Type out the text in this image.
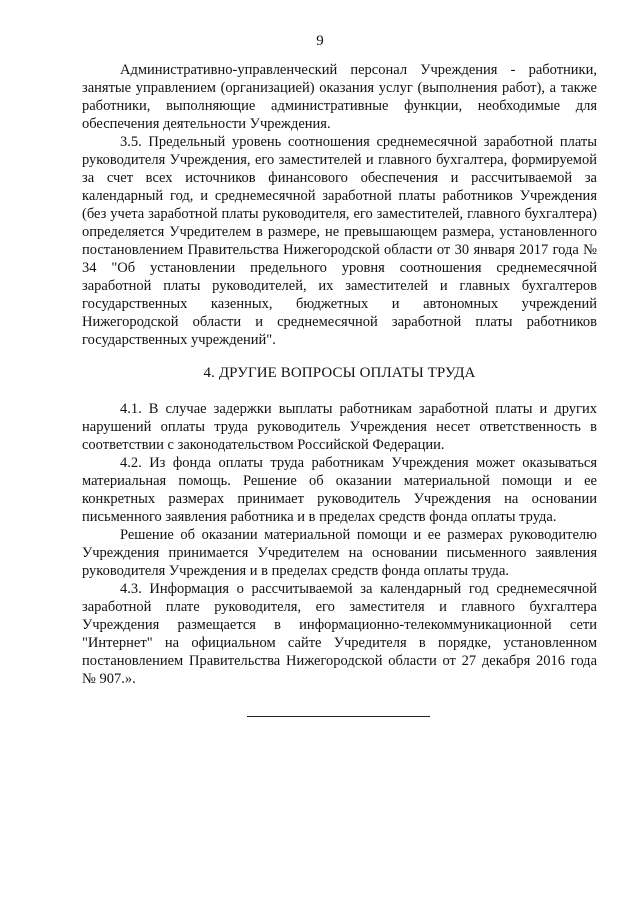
9

Административно-управленческий персонал Учреждения - работники, занятые управлением (организацией) оказания услуг (выполнения работ), а также работники, выполняющие административные функции, необходимые для обеспечения деятельности Учреждения.

3.5. Предельный уровень соотношения среднемесячной заработной платы руководителя Учреждения, его заместителей и главного бухгалтера, формируемой за счет всех источников финансового обеспечения и рассчитываемой за календарный год, и среднемесячной заработной платы работников Учреждения (без учета заработной платы руководителя, его заместителей, главного бухгалтера) определяется Учредителем в размере, не превышающем размера, установленного постановлением Правительства Нижегородской области от 30 января 2017 года № 34 "Об установлении предельного уровня соотношения среднемесячной заработной платы руководителей, их заместителей и главных бухгалтеров государственных казенных, бюджетных и автономных учреждений Нижегородской области и среднемесячной заработной платы работников государственных учреждений".

4. ДРУГИЕ ВОПРОСЫ ОПЛАТЫ ТРУДА

4.1. В случае задержки выплаты работникам заработной платы и других нарушений оплаты труда руководитель Учреждения несет ответственность в соответствии с законодательством Российской Федерации.

4.2. Из фонда оплаты труда работникам Учреждения может оказываться материальная помощь. Решение об оказании материальной помощи и ее конкретных размерах принимает руководитель Учреждения на основании письменного заявления работника и в пределах средств фонда оплаты труда.

Решение об оказании материальной помощи и ее размерах руководителю Учреждения принимается Учредителем на основании письменного заявления руководителя Учреждения и в пределах средств фонда оплаты труда.

4.3. Информация о рассчитываемой за календарный год среднемесячной заработной плате руководителя, его заместителя и главного бухгалтера Учреждения размещается в информационно-телекоммуникационной сети "Интернет" на официальном сайте Учредителя в порядке, установленном постановлением Правительства Нижегородской области от 27 декабря 2016 года № 907.».
